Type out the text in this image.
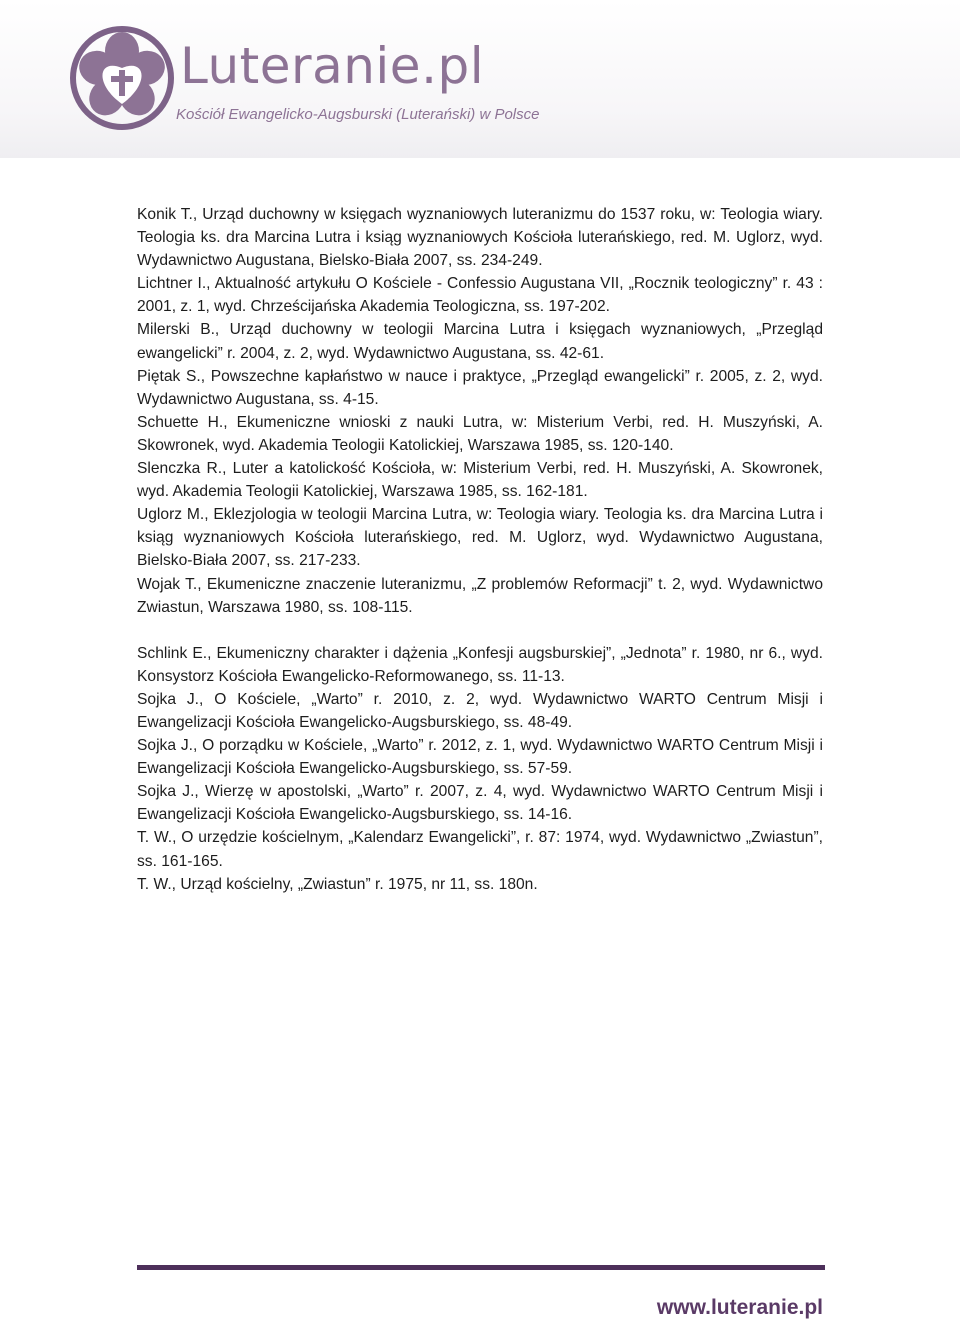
Luteranie.pl
Kościół Ewangelicko-Augsburski (Luterański) w Polsce

Konik T., Urząd duchowny w księgach wyznaniowych luteranizmu do 1537 roku, w: Teologia wiary. Teologia ks. dra Marcina Lutra i ksiąg wyznaniowych Kościoła luterańskiego, red. M. Uglorz, wyd. Wydawnictwo Augustana, Bielsko-Biała 2007, ss. 234-249.

Lichtner I., Aktualność artykułu O Kościele - Confessio Augustana VII, „Rocznik teologiczny” r. 43 : 2001, z. 1, wyd. Chrześcijańska Akademia Teologiczna, ss. 197-202.

Milerski B., Urząd duchowny w teologii Marcina Lutra i księgach wyznaniowych, „Przegląd ewangelicki” r. 2004, z. 2, wyd. Wydawnictwo Augustana, ss. 42-61.

Piętak S., Powszechne kapłaństwo w nauce i praktyce, „Przegląd ewangelicki” r. 2005, z. 2, wyd. Wydawnictwo Augustana, ss. 4-15.

Schuette H., Ekumeniczne wnioski z nauki Lutra, w: Misterium Verbi, red. H. Muszyński, A. Skowronek, wyd. Akademia Teologii Katolickiej, Warszawa 1985, ss. 120-140.

Slenczka R., Luter a katolickość Kościoła, w: Misterium Verbi, red. H. Muszyński, A. Skowronek, wyd. Akademia Teologii Katolickiej, Warszawa 1985, ss. 162-181.

Uglorz M., Eklezjologia w teologii Marcina Lutra, w: Teologia wiary. Teologia ks. dra Marcina Lutra i ksiąg wyznaniowych Kościoła luterańskiego, red. M. Uglorz, wyd. Wydawnictwo Augustana, Bielsko-Biała 2007, ss. 217-233.

Wojak T., Ekumeniczne znaczenie luteranizmu, „Z problemów Reformacji” t. 2, wyd. Wydawnictwo Zwiastun, Warszawa 1980, ss. 108-115.

Schlink E., Ekumeniczny charakter i dążenia „Konfesji augsburskiej”, „Jednota” r. 1980, nr 6., wyd. Konsystorz Kościoła Ewangelicko-Reformowanego, ss. 11-13.

Sojka J., O Kościele, „Warto” r. 2010, z. 2, wyd. Wydawnictwo WARTO Centrum Misji i Ewangelizacji Kościoła Ewangelicko-Augsburskiego, ss. 48-49.

Sojka J., O porządku w Kościele, „Warto” r. 2012, z. 1, wyd. Wydawnictwo WARTO Centrum Misji i Ewangelizacji Kościoła Ewangelicko-Augsburskiego, ss. 57-59.

Sojka J., Wierzę w apostolski, „Warto” r. 2007, z. 4, wyd. Wydawnictwo WARTO Centrum Misji i Ewangelizacji Kościoła Ewangelicko-Augsburskiego, ss. 14-16.

T. W., O urzędzie kościelnym, „Kalendarz Ewangelicki”, r. 87: 1974, wyd. Wydawnictwo „Zwiastun”, ss. 161-165.

T. W., Urząd kościelny, „Zwiastun” r. 1975, nr 11, ss. 180n.

www.luteranie.pl
